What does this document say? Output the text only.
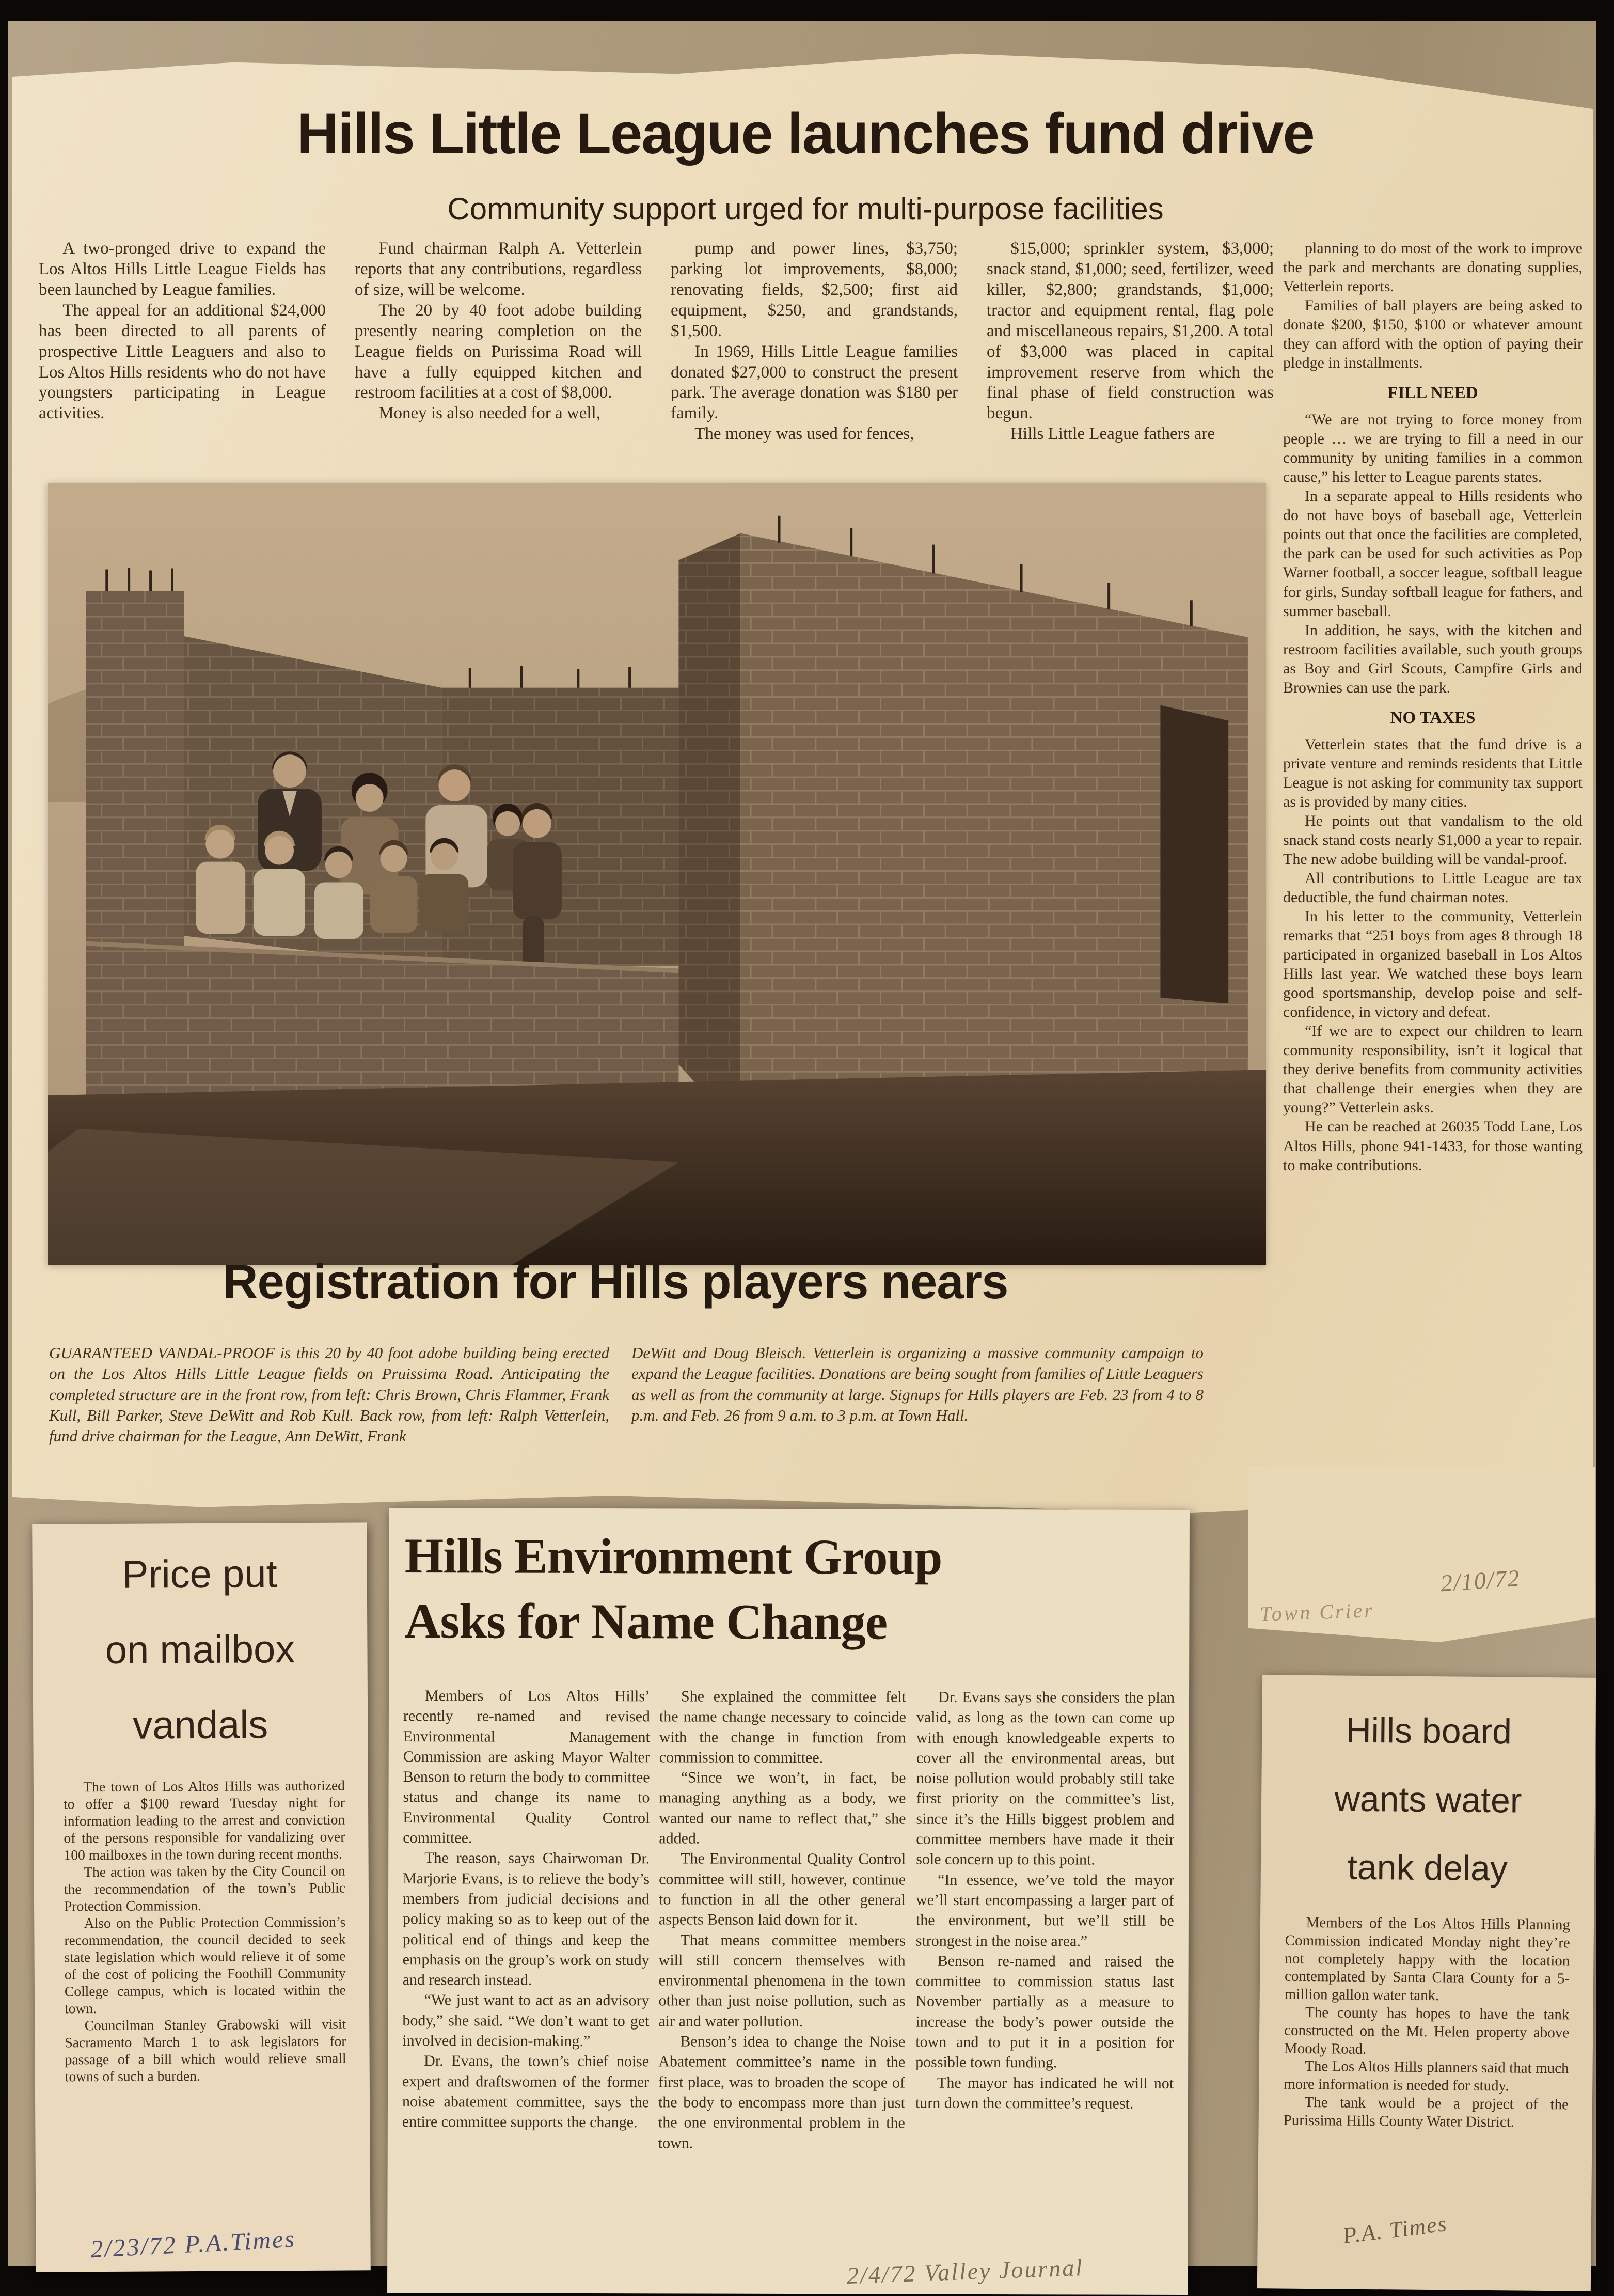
Hills Little League launches fund drive
Community support urged for multi-purpose facilities

A two-pronged drive to expand the Los Altos Hills Little League Fields has been launched by League families.

The appeal for an additional $24,000 has been directed to all parents of prospective Little Leaguers and also to Los Altos Hills residents who do not have youngsters participating in League activities.

Fund chairman Ralph A. Vetterlein reports that any contributions, regardless of size, will be welcome.

The 20 by 40 foot adobe building presently nearing completion on the League fields on Purissima Road will have a fully equipped kitchen and restroom facilities at a cost of $8,000.

Money is also needed for a well,

pump and power lines, $3,750; parking lot improvements, $8,000; renovating fields, $2,500; first aid equipment, $250, and grandstands, $1,500.

In 1969, Hills Little League families donated $27,000 to construct the present park. The average donation was $180 per family.

The money was used for fences,

$15,000; sprinkler system, $3,000; snack stand, $1,000; seed, fertilizer, weed killer, $2,800; grandstands, $1,000; tractor and equipment rental, flag pole and miscellaneous repairs, $1,200. A total of $3,000 was placed in capital improvement reserve from which the final phase of field construction was begun.

Hills Little League fathers are

planning to do most of the work to improve the park and merchants are donating supplies, Vetterlein reports.

Families of ball players are being asked to donate $200, $150, $100 or whatever amount they can afford with the option of paying their pledge in installments.

FILL NEED

“We are not trying to force money from people … we are trying to fill a need in our community by uniting families in a common cause,” his letter to League parents states.

In a separate appeal to Hills residents who do not have boys of baseball age, Vetterlein points out that once the facilities are completed, the park can be used for such activities as Pop Warner football, a soccer league, softball league for girls, Sunday softball league for fathers, and summer baseball.

In addition, he says, with the kitchen and restroom facilities available, such youth groups as Boy and Girl Scouts, Campfire Girls and Brownies can use the park.

NO TAXES

Vetterlein states that the fund drive is a private venture and reminds residents that Little League is not asking for community tax support as is provided by many cities.

He points out that vandalism to the old snack stand costs nearly $1,000 a year to repair. The new adobe building will be vandal-proof.

All contributions to Little League are tax deductible, the fund chairman notes.

In his letter to the community, Vetterlein remarks that “251 boys from ages 8 through 18 participated in organized baseball in Los Altos Hills last year. We watched these boys learn good sportsmanship, develop poise and self-confidence, in victory and defeat.

“If we are to expect our children to learn community responsibility, isn’t it logical that they derive benefits from community activities that challenge their energies when they are young?” Vetterlein asks.

He can be reached at 26035 Todd Lane, Los Altos Hills, phone 941-1433, for those wanting to make contributions.

Registration for Hills players nears
GUARANTEED VANDAL-PROOF is this 20 by 40 foot adobe building being erected on the Los Altos Hills Little League fields on Pruissima Road. Anticipating the completed structure are in the front row, from left: Chris Brown, Chris Flammer, Frank Kull, Bill Parker, Steve DeWitt and Rob Kull. Back row, from left: Ralph Vetterlein, fund drive chairman for the League, Ann DeWitt, Frank
DeWitt and Doug Bleisch. Vetterlein is organizing a massive community campaign to expand the League facilities. Donations are being sought from families of Little Leaguers as well as from the community at large. Signups for Hills players are Feb. 23 from 4 to 8 p.m. and Feb. 26 from 9 a.m. to 3 p.m. at Town Hall.
Town Crier
2/10/72
Price put
on mailbox
vandals

The town of Los Altos Hills was authorized to offer a $100 reward Tuesday night for information leading to the arrest and conviction of the persons responsible for vandalizing over 100 mailboxes in the town during recent months.

The action was taken by the City Council on the recommendation of the town’s Public Protection Commission.

Also on the Public Protection Commission’s recommendation, the council decided to seek state legislation which would relieve it of some of the cost of policing the Foothill Community College campus, which is located within the town.

Councilman Stanley Grabowski will visit Sacramento March 1 to ask legislators for passage of a bill which would relieve small towns of such a burden.

Hills Environment Group
Asks for Name Change

Members of Los Altos Hills’ recently re-named and revised Environmental Management Commission are asking Mayor Walter Benson to return the body to committee status and change its name to Environmental Quality Control committee.

The reason, says Chairwoman Dr. Marjorie Evans, is to relieve the body’s members from judicial decisions and policy making so as to keep out of the political end of things and keep the emphasis on the group’s work on study and research instead.

“We just want to act as an advisory body,” she said. “We don’t want to get involved in decision-making.”

Dr. Evans, the town’s chief noise expert and draftswomen of the former noise abatement committee, says the entire committee supports the change.

She explained the committee felt the name change necessary to coincide with the change in function from commission to committee.

“Since we won’t, in fact, be managing anything as a body, we wanted our name to reflect that,” she added.

The Environmental Quality Control committee will still, however, continue to function in all the other general aspects Benson laid down for it.

That means committee members will still concern themselves with environmental phenomena in the town other than just noise pollution, such as air and water pollution.

Benson’s idea to change the Noise Abatement committee’s name in the first place, was to broaden the scope of the body to encompass more than just the one environmental problem in the town.

Dr. Evans says she considers the plan valid, as long as the town can come up with enough knowledgeable experts to cover all the environmental areas, but noise pollution would probably still take first priority on the committee’s list, since it’s the Hills biggest problem and committee members have made it their sole concern up to this point.

“In essence, we’ve told the mayor we’ll start encompassing a larger part of the environment, but we’ll still be strongest in the noise area.”

Benson re-named and raised the committee to commission status last November partially as a measure to increase the body’s power outside the town and to put it in a position for possible town funding.

The mayor has indicated he will not turn down the committee’s request.

Hills board
wants water
tank delay

Members of the Los Altos Hills Planning Commission indicated Monday night they’re not completely happy with the location contemplated by Santa Clara County for a 5-million gallon water tank.

The county has hopes to have the tank constructed on the Mt. Helen property above Moody Road.

The Los Altos Hills planners said that much more information is needed for study.

The tank would be a project of the Purissima Hills County Water District.

2/23/72 P.A.Times
2/4/72 Valley Journal
P.A. Times
